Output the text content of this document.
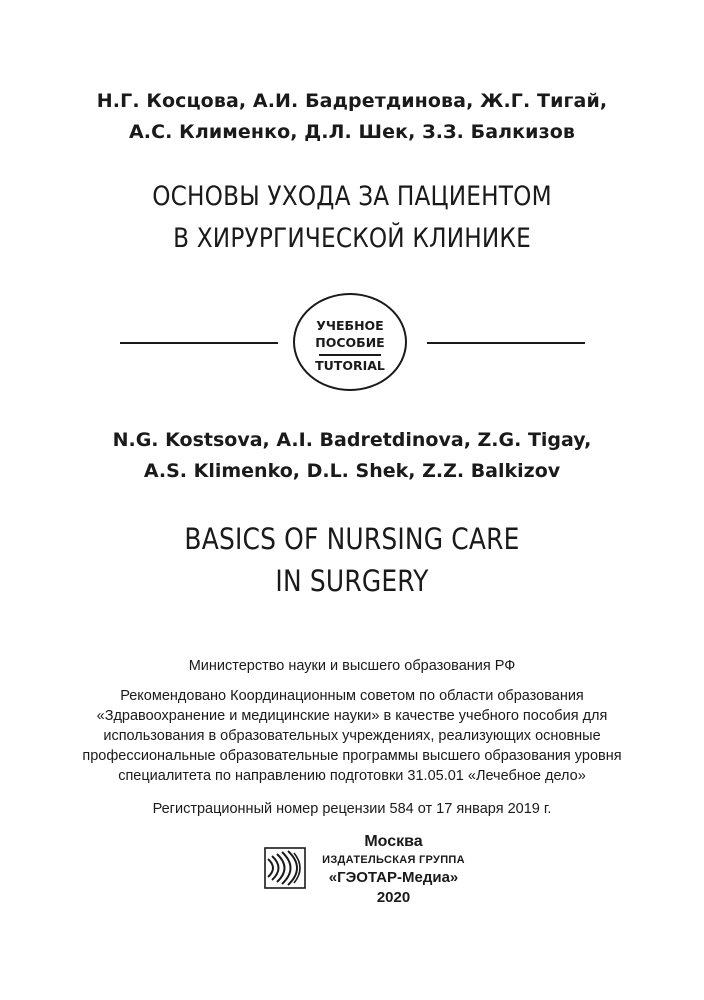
Н.Г. Косцова, А.И. Бадретдинова, Ж.Г. Тигай,
А.С. Клименко, Д.Л. Шек, З.З. Балкизов
ОСНОВЫ УХОДА ЗА ПАЦИЕНТОМ
В ХИРУРГИЧЕСКОЙ КЛИНИКЕ
УЧЕБНОЕ
ПОСОБИЕ
TUTORIAL
N.G. Kostsova, A.I. Badretdinova, Z.G. Tigay,
A.S. Klimenko, D.L. Shek, Z.Z. Balkizov
BASICS OF NURSING CARE
IN SURGERY
Министерство науки и высшего образования РФ
Рекомендовано Координационным советом по области образования
«Здравоохранение и медицинские науки» в качестве учебного пособия для
использования в образовательных учреждениях, реализующих основные
профессиональные образовательные программы высшего образования уровня
специалитета по направлению подготовки 31.05.01 «Лечебное дело»
Регистрационный номер рецензии 584 от 17 января 2019 г.
Москва
ИЗДАТЕЛЬСКАЯ ГРУППА
«ГЭОТАР-Медиа»
2020
